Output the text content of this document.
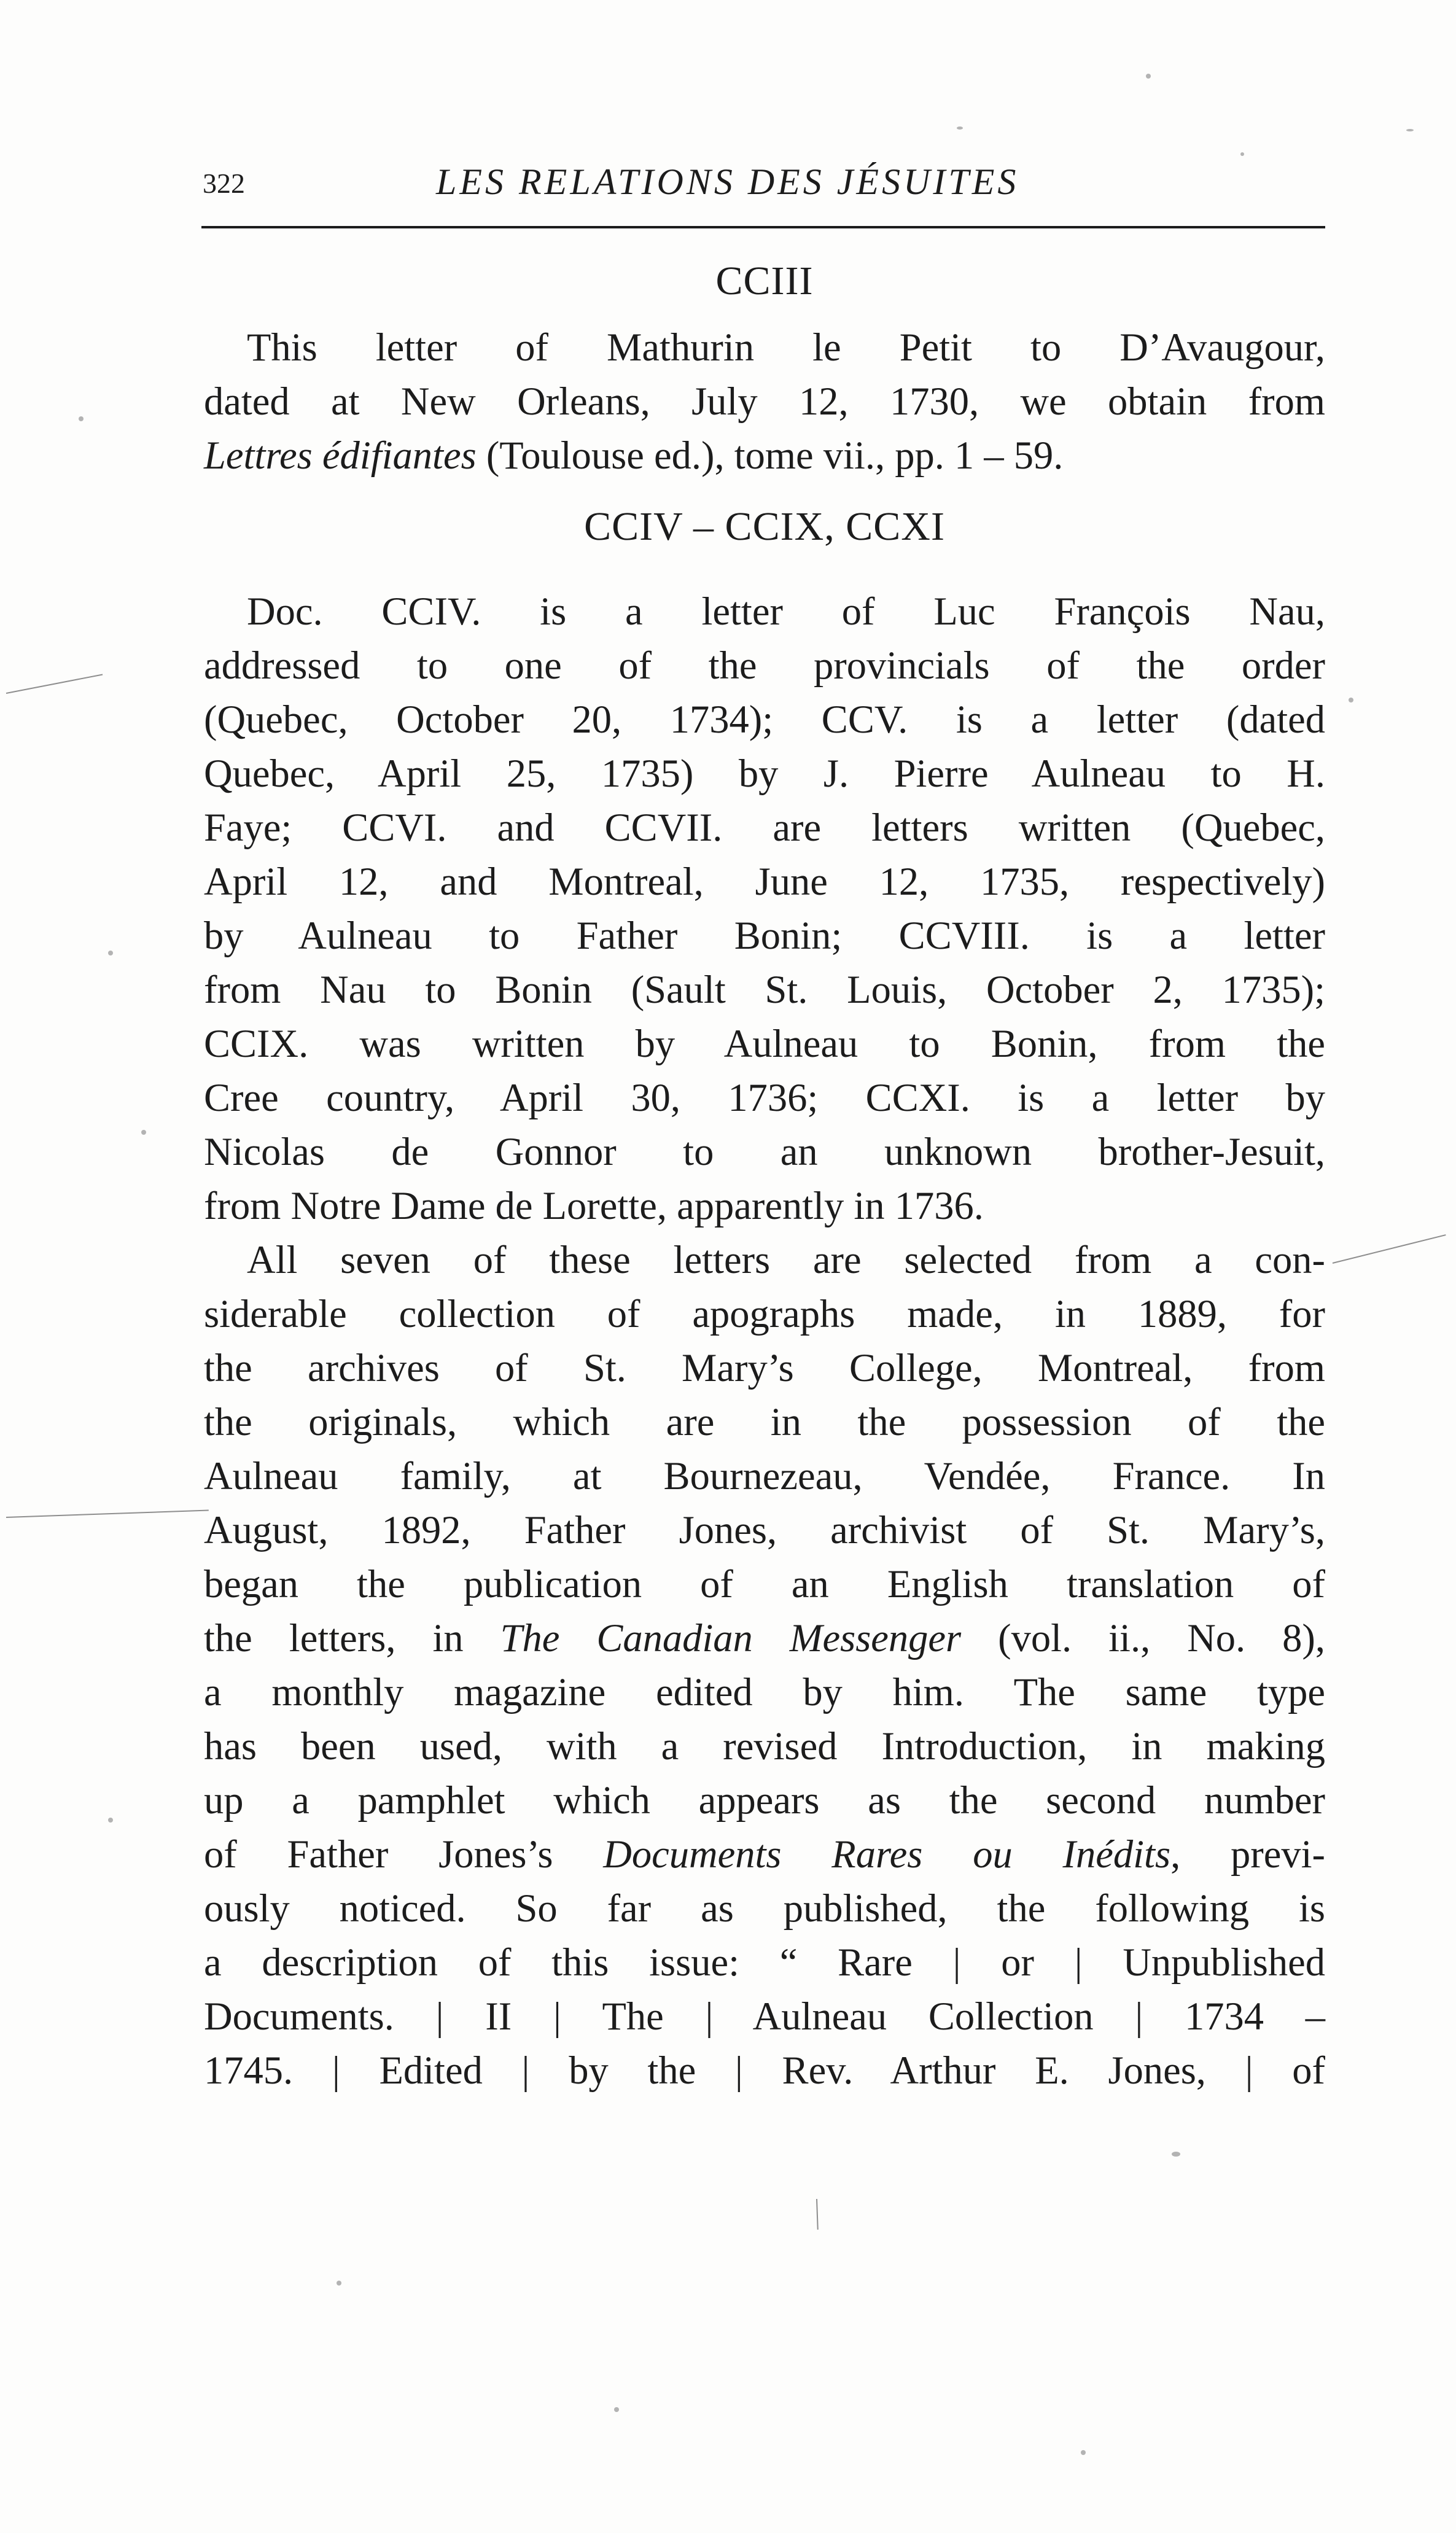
322	LES RELATIONS DES JÉSUITES
CCIII
This letter of Mathurin le Petit to D’Avaugour,
dated at New Orleans, July 12, 1730, we obtain from
Lettres édifiantes (Toulouse ed.), tome vii., pp. 1 – 59.
CCIV – CCIX, CCXI
Doc. CCIV. is a letter of Luc François Nau,
addressed to one of the provincials of the order
(Quebec, October 20, 1734); CCV. is a letter (dated
Quebec, April 25, 1735) by J. Pierre Aulneau to H.
Faye; CCVI. and CCVII. are letters written (Quebec,
April 12, and Montreal, June 12, 1735, respectively)
by Aulneau to Father Bonin; CCVIII. is a letter
from Nau to Bonin (Sault St. Louis, October 2, 1735);
CCIX. was written by Aulneau to Bonin, from the
Cree country, April 30, 1736; CCXI. is a letter by
Nicolas de Gonnor to an unknown brother-Jesuit,
from Notre Dame de Lorette, apparently in 1736.
All seven of these letters are selected from a con-
siderable collection of apographs made, in 1889, for
the archives of St. Mary’s College, Montreal, from
the originals, which are in the possession of the
Aulneau family, at Bournezeau, Vendée, France. In
August, 1892, Father Jones, archivist of St. Mary’s,
began the publication of an English translation of
the letters, in The Canadian Messenger (vol. ii., No. 8),
a monthly magazine edited by him. The same type
has been used, with a revised Introduction, in making
up a pamphlet which appears as the second number
of Father Jones’s Documents Rares ou Inédits, previ-
ously noticed. So far as published, the following is
a description of this issue: “ Rare | or | Unpublished
Documents. | II | The | Aulneau Collection | 1734 –
1745. | Edited | by the | Rev. Arthur E. Jones, | of
